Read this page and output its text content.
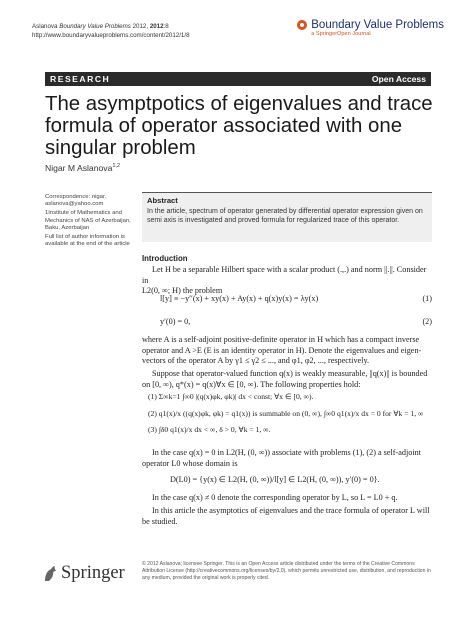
Aslanova Boundary Value Problems 2012, 2012:8
http://www.boundaryvalueproblems.com/content/2012/1/8
Boundary Value Problems
a SpringerOpen Journal
RESEARCH	Open Access
The asymptpotics of eigenvalues and trace formula of operator associated with one singular problem
Nigar M Aslanova$^{1,2}$
Correspondence: nigar.
aslanova@yahoo.com
1Institute of Mathematics and Mechanics of NAS of Azerbaijan, Baku, Azerbaijan
Full list of author information is available at the end of the article
Abstract
In the article, spectrum of operator generated by differential operator expression given on semi axis is investigated and proved formula for regularized trace of this operator.
Introduction
Let H be a separable Hilbert space with a scalar product (.,.) and norm ||.||. Consider in
L2(0, ∞; H) the problem
l[y] ≡ −y′′(x) + xy(x) + Ay(x) + q(x)y(x) = λy(x)	(1)
y′(0) = 0,	(2)
where A is a self-adjoint positive-definite operator in H which has a compact inverse
operator and A >E (E is an identity operator in H). Denote the eigenvalues and eigen-
vectors of the operator A by γ1 ≤ γ2 ≤ ..., and φ1, φ2, ..., respectively.
Suppose that operator-valued function q(x) is weakly measurable, ||q(x)|| is bounded
on [0, ∞), q*(x) = q(x)∀x ∈ [0, ∞). The following properties hold:
(1) Σ∞k=1 ∫∞0 |(q(x)φk, φk)| dx < const; ∀x ∈ [0, ∞).
(2) q1(x)/x ((q(x)φk, φk) = q1(x)) is summable on (0, ∞), ∫∞0 q1(x)/x dx = 0 for ∀k = 1, ∞
(3) ∫δ0 q1(x)/x dx < ∞, δ > 0, ∀k = 1, ∞.
In the case q(x) = 0 in L2(H, (0, ∞)) associate with problems (1), (2) a self-adjoint
operator L0 whose domain is
D(L0) = {y(x) ∈ L2(H, (0, ∞))/l[y] ∈ L2(H, (0, ∞)), y′(0) = 0}.
In the case q(x) ≠ 0 denote the corresponding operator by L, so L = L0 + q.
In this article the asymptotics of eigenvalues and the trace formula of operator L will
be studied.
Springer	© 2012 Aslanova; licensee Springer. This is an Open Access article distributed under the terms of the Creative Commons Attribution License (http://creativecommons.org/licenses/by/2.0), which permits unrestricted use, distribution, and reproduction in any medium, provided the original work is properly cited.
